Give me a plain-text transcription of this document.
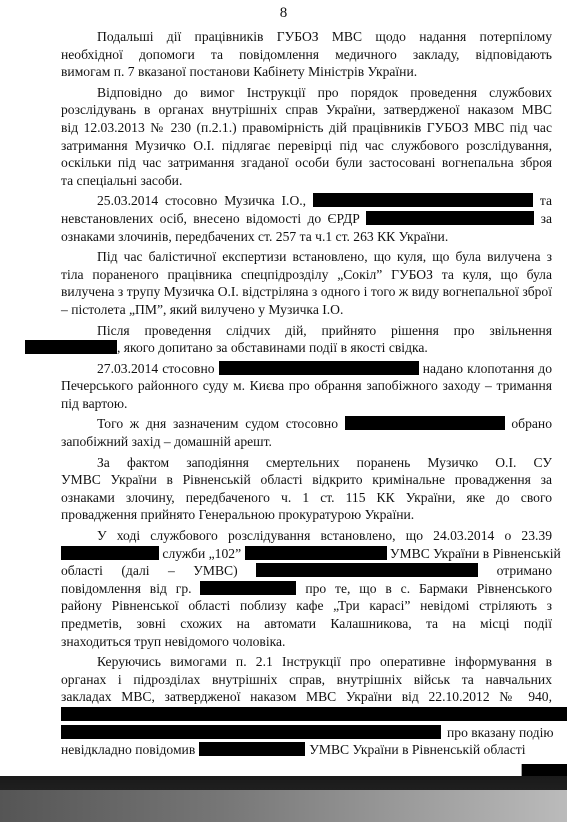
8
Подальші дії працівників ГУБОЗ МВС щодо надання потерпілому
необхідної допомоги та повідомлення медичного закладу, відповідають
вимогам п. 7 вказаної постанови Кабінету Міністрів України.
Відповідно до вимог Інструкції про порядок проведення службових
розслідувань в органах внутрішніх справ України, затвердженої наказом МВС
від 12.03.2013 № 230 (п.2.1.) правомірність дій працівників ГУБОЗ МВС під час
затримання Музичко О.І. підлягає перевірці під час службового розслідування,
оскільки під час затримання згаданої особи були застосовані вогнепальна зброя
та спеціальні засоби.
25.03.2014 стосовно Музичка І.О.,	та
невстановлених осіб, внесено відомості до ЄРДР	за
ознаками злочинів, передбачених ст. 257 та ч.1 ст. 263 КК України.
Під час балістичної експертизи встановлено, що куля, що була вилучена з
тіла пораненого працівника спецпідрозділу „Сокіл” ГУБОЗ та куля, що була
вилучена з трупу Музичка О.І. відстріляна з одного і того ж виду вогнепальної зброї
– пістолета „ПМ”, який вилучено у Музичка І.О.
Після проведення слідчих дій, прийнято рішення про звільнення
, якого допитано за обставинами події в якості свідка.
27.03.2014 стосовно	надано клопотання до
Печерського районного суду м. Києва про обрання запобіжного заходу – тримання
під вартою.
Того ж дня зазначеним судом стосовно	обрано
запобіжний захід – домашній арешт.
За фактом заподіяння смертельних поранень Музичко О.І. СУ
УМВС України в Рівненській області відкрито кримінальне провадження за
ознаками злочину, передбаченого ч. 1 ст. 115 КК України, яке до свого
провадження прийнято Генеральною прокуратурою України.
У ході службового розслідування встановлено, що 24.03.2014 о 23.39
служби „102”	УМВС України в Рівненській
області (далі – УМВС)	отримано
повідомлення від гр.	про те, що в с. Бармаки Рівненського
району Рівненської області поблизу кафе „Три карасі” невідомі стріляють з
предметів, зовні схожих на автомати Калашникова, та на місці події
знаходиться труп невідомого чоловіка.
Керуючись вимогами п. 2.1 Інструкції про оперативне інформування в
органах і підрозділах внутрішніх справ, внутрішніх військ та навчальних
закладах МВС, затвердженої наказом МВС України від 22.10.2012 № 940,
про вказану подію
невідкладно повідомив	УМВС України в Рівненській області
